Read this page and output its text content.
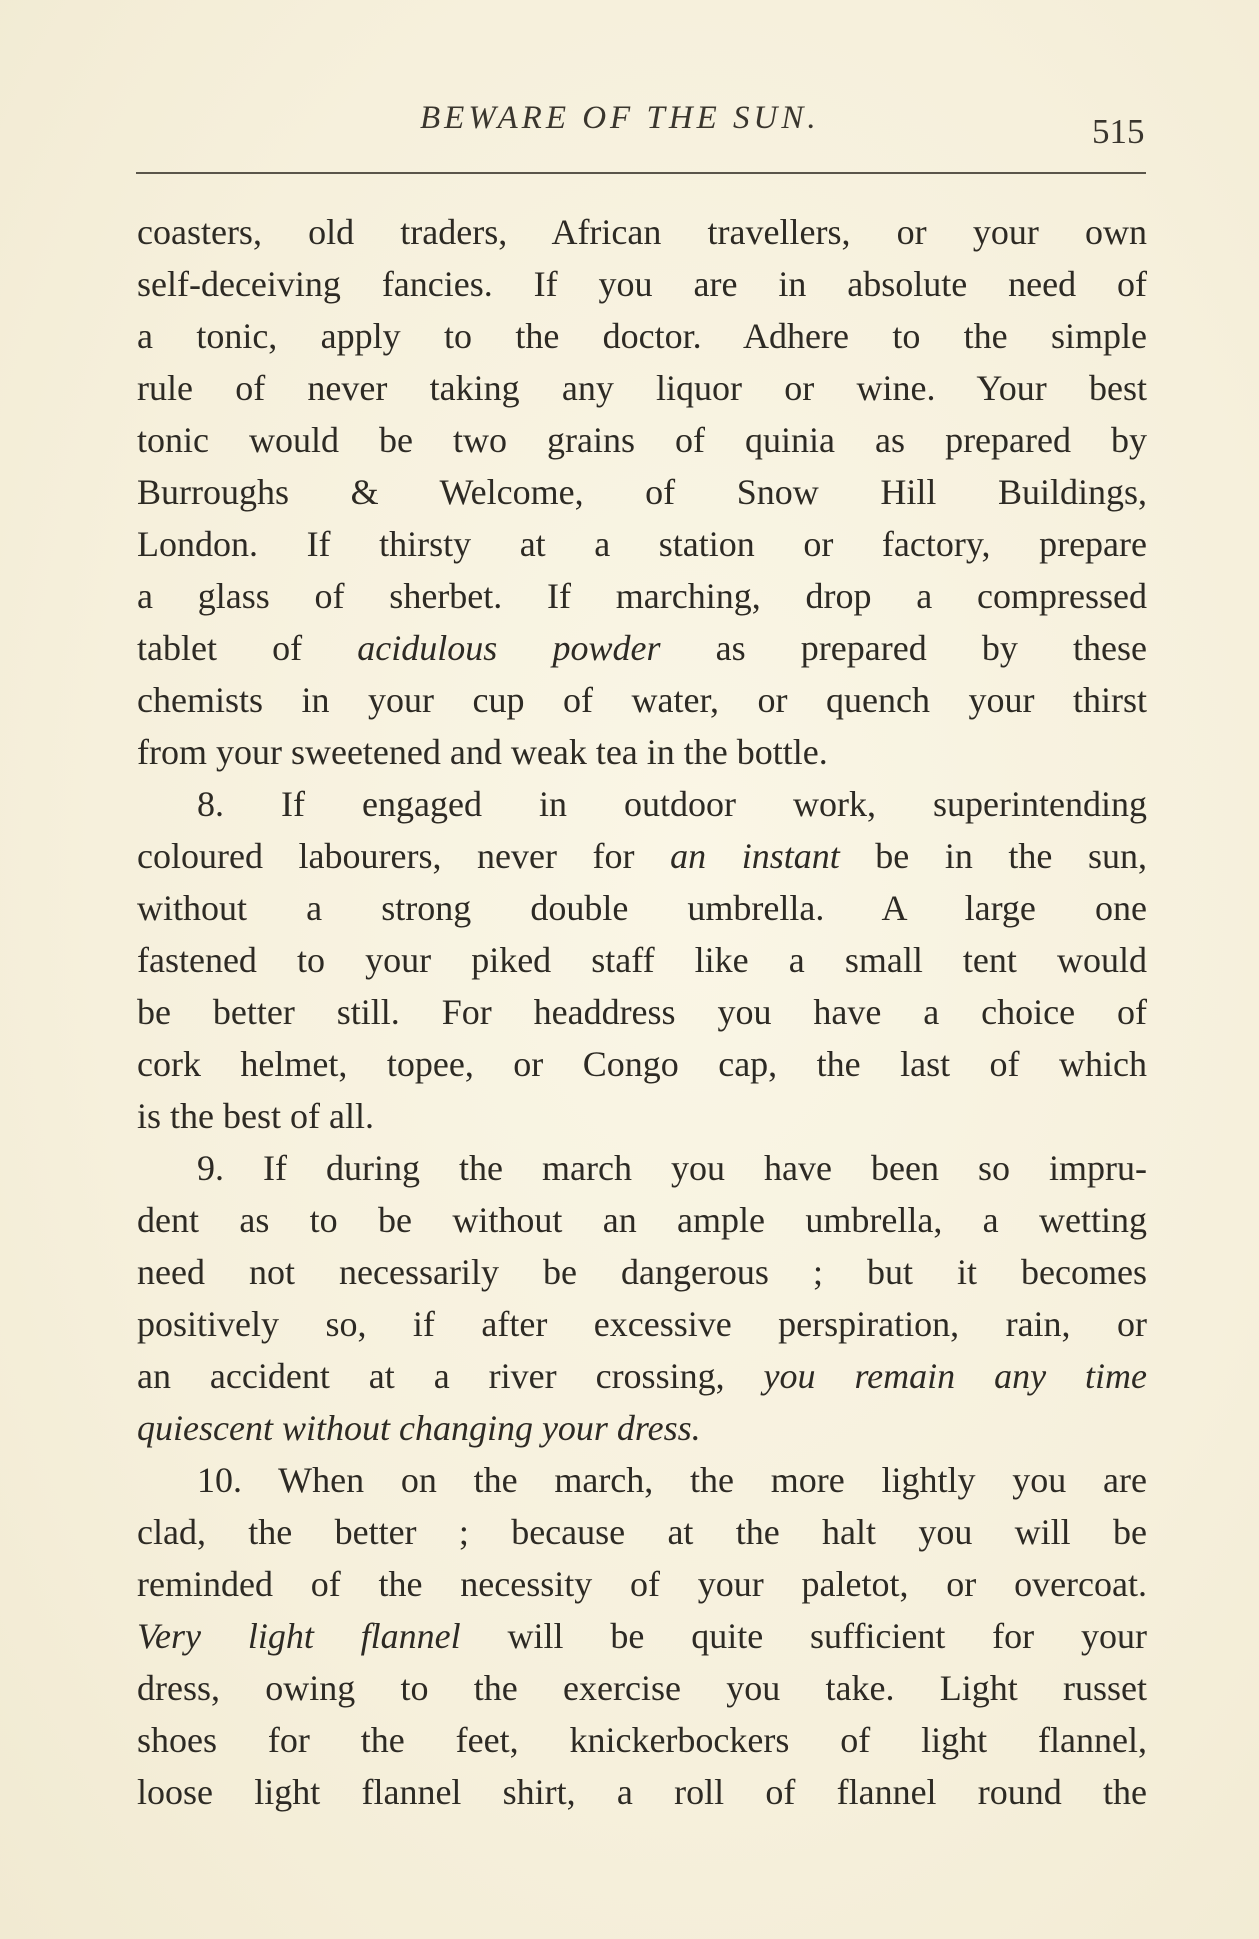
BEWARE OF THE SUN.	515
coasters, old traders, African travellers, or your own
self-deceiving fancies. If you are in absolute need of
a tonic, apply to the doctor. Adhere to the simple
rule of never taking any liquor or wine. Your best
tonic would be two grains of quinia as prepared by
Burroughs & Welcome, of Snow Hill Buildings,
London. If thirsty at a station or factory, prepare
a glass of sherbet. If marching, drop a compressed
tablet of acidulous powder as prepared by these
chemists in your cup of water, or quench your thirst
from your sweetened and weak tea in the bottle.
8. If engaged in outdoor work, superintending
coloured labourers, never for an instant be in the sun,
without a strong double umbrella. A large one
fastened to your piked staff like a small tent would
be better still. For headdress you have a choice of
cork helmet, topee, or Congo cap, the last of which
is the best of all.
9. If during the march you have been so impru-
dent as to be without an ample umbrella, a wetting
need not necessarily be dangerous ; but it becomes
positively so, if after excessive perspiration, rain, or
an accident at a river crossing, you remain any time
quiescent without changing your dress.
10. When on the march, the more lightly you are
clad, the better ; because at the halt you will be
reminded of the necessity of your paletot, or overcoat.
Very light flannel will be quite sufficient for your
dress, owing to the exercise you take. Light russet
shoes for the feet, knickerbockers of light flannel,
loose light flannel shirt, a roll of flannel round the
